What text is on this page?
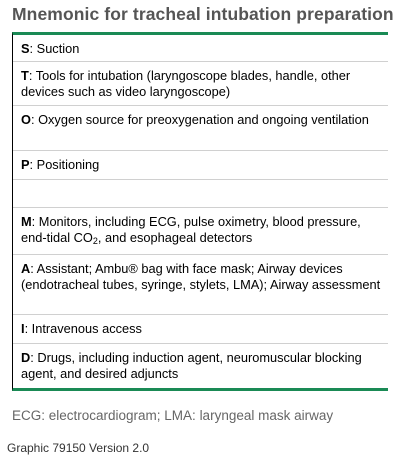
Mnemonic for tracheal intubation preparation
S: Suction
T: Tools for intubation (laryngoscope blades, handle, other devices such as video laryngoscope)
O: Oxygen source for preoxygenation and ongoing ventilation
P: Positioning
M: Monitors, including ECG, pulse oximetry, blood pressure, end-tidal $CO_2$, and esophageal detectors
A: Assistant; Ambu® bag with face mask; Airway devices (endotracheal tubes, syringe, stylets, LMA); Airway assessment
I: Intravenous access
D: Drugs, including induction agent, neuromuscular blocking agent, and desired adjuncts
ECG: electrocardiogram; LMA: laryngeal mask airway
Graphic 79150 Version 2.0
